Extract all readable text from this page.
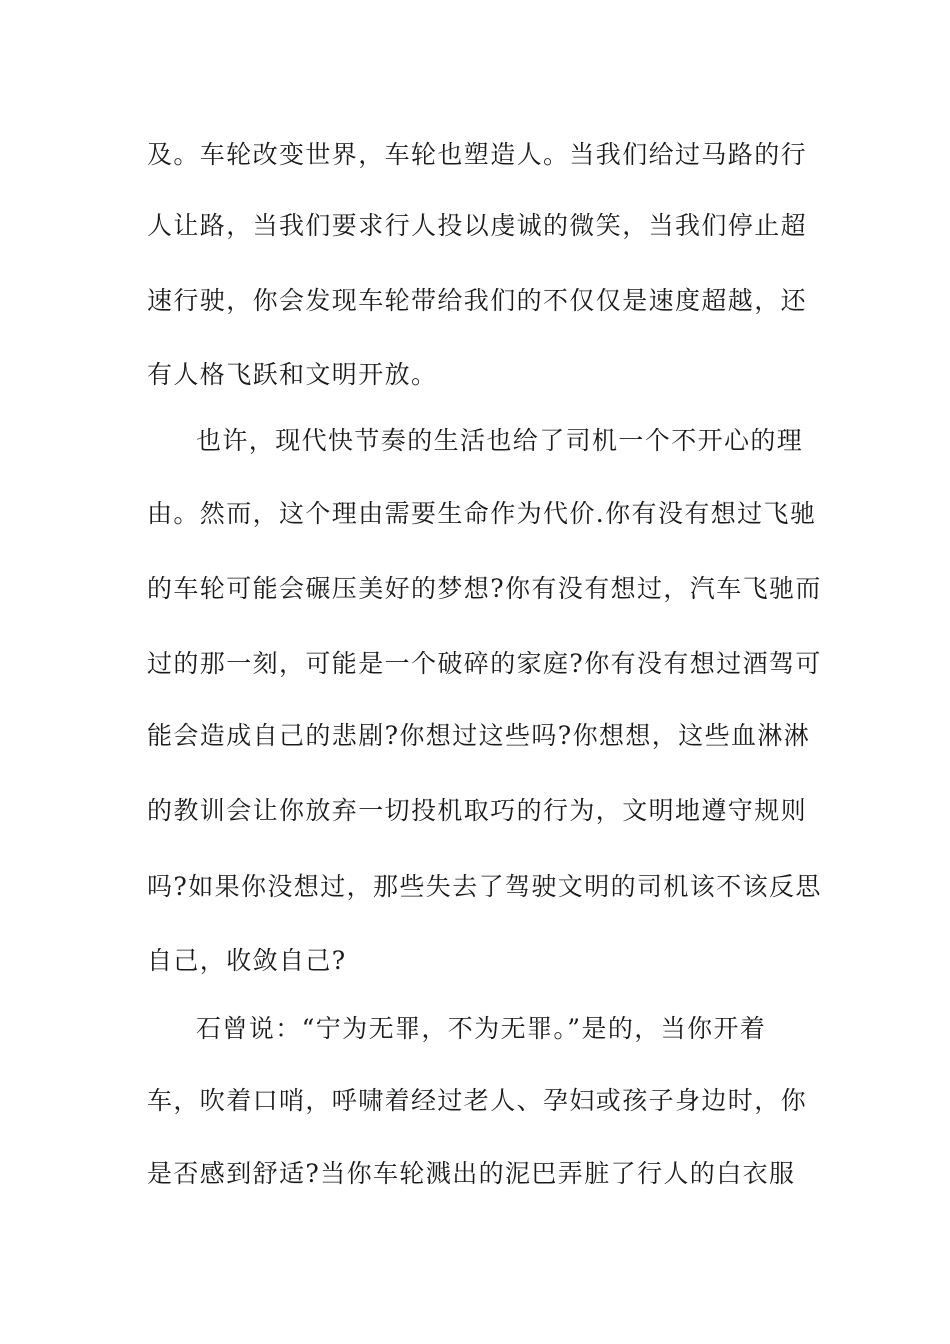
及。车轮改变世界，车轮也塑造人。当我们给过马路的行
人让路，当我们要求行人投以虔诚的微笑，当我们停止超
速行驶，你会发现车轮带给我们的不仅仅是速度超越，还
有人格飞跃和文明开放。
也许，现代快节奏的生活也给了司机一个不开心的理
由。然而，这个理由需要生命作为代价.你有没有想过飞驰
的车轮可能会碾压美好的梦想?你有没有想过，汽车飞驰而
过的那一刻，可能是一个破碎的家庭?你有没有想过酒驾可
能会造成自己的悲剧?你想过这些吗?你想想，这些血淋淋
的教训会让你放弃一切投机取巧的行为，文明地遵守规则
吗?如果你没想过，那些失去了驾驶文明的司机该不该反思
自己，收敛自己?
石曾说：“宁为无罪，不为无罪。”是的，当你开着
车，吹着口哨，呼啸着经过老人、孕妇或孩子身边时，你
是否感到舒适?当你车轮溅出的泥巴弄脏了行人的白衣服
